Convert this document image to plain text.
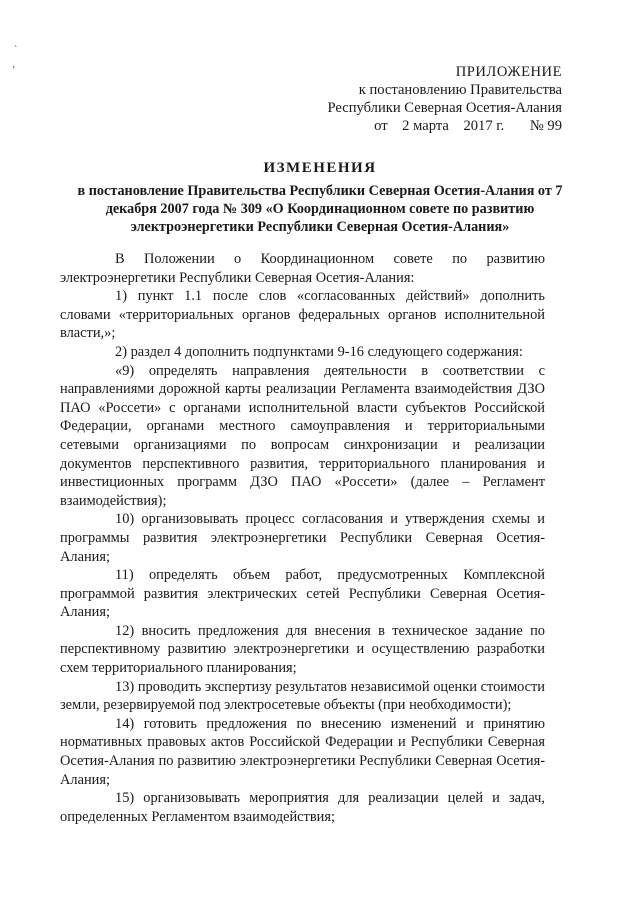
`
’	ПРИЛОЖЕНИЕ
к постановлению Правительства
Республики Северная Осетия-Алания
от    2 марта    2017 г.       № 99
ИЗМЕНЕНИЯ
в постановление Правительства Республики Северная Осетия-Алания от 7 декабря 2007 года № 309 «О Координационном совете по развитию электроэнергетики Республики Северная Осетия-Алания»

В Положении о Координационном совете по развитию электроэнергетики Республики Северная Осетия-Алания:

1) пункт 1.1 после слов «согласованных действий» дополнить словами «территориальных органов федеральных органов исполнительной власти,»;

2) раздел 4 дополнить подпунктами 9-16 следующего содержания:

«9) определять направления деятельности в соответствии с направлениями дорожной карты реализации Регламента взаимодействия ДЗО ПАО «Россети» с органами исполнительной власти субъектов Российской Федерации, органами местного самоуправления и территориальными сетевыми организациями по вопросам синхронизации и реализации документов перспективного развития, территориального планирования и инвестиционных программ ДЗО ПАО «Россети» (далее – Регламент взаимодействия);

10) организовывать процесс согласования и утверждения схемы и программы развития электроэнергетики Республики Северная Осетия-Алания;

11) определять объем работ, предусмотренных Комплексной программой развития электрических сетей Республики Северная Осетия-Алания;

12) вносить предложения для внесения в техническое задание по перспективному развитию электроэнергетики и осуществлению разработки схем территориального планирования;

13) проводить экспертизу результатов независимой оценки стоимости земли, резервируемой под электросетевые объекты (при необходимости);

14) готовить предложения по внесению изменений и принятию нормативных правовых актов Российской Федерации и Республики Северная Осетия-Алания по развитию электроэнергетики Республики Северная Осетия-Алания;

15) организовывать мероприятия для реализации целей и задач, определенных Регламентом взаимодействия;
